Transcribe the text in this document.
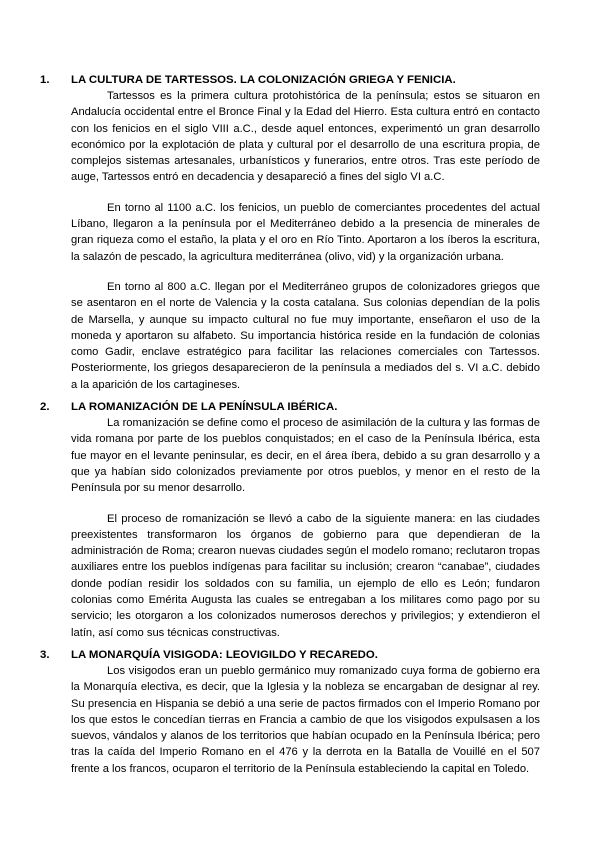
1.	LA CULTURA DE TARTESSOS. LA COLONIZACIÓN GRIEGA Y FENICIA.

Tartessos es la primera cultura protohistórica de la península; estos se situaron en Andalucía occidental entre el Bronce Final y la Edad del Hierro. Esta cultura entró en contacto con los fenicios en el siglo VIII a.C., desde aquel entonces, experimentó un gran desarrollo económico por la explotación de plata y cultural por el desarrollo de una escritura propia, de complejos sistemas artesanales, urbanísticos y funerarios, entre otros. Tras este período de auge, Tartessos entró en decadencia y desapareció a fines del siglo VI a.C.

En torno al 1100 a.C. los fenicios, un pueblo de comerciantes procedentes del actual Líbano, llegaron a la península por el Mediterráneo debido a la presencia de minerales de gran riqueza como el estaño, la plata y el oro en Río Tinto. Aportaron a los íberos la escritura, la salazón de pescado, la agricultura mediterránea (olivo, vid) y la organización urbana.

En torno al 800 a.C. llegan por el Mediterráneo grupos de colonizadores griegos que se asentaron en el norte de Valencia y la costa catalana. Sus colonias dependían de la polis de Marsella, y aunque su impacto cultural no fue muy importante, enseñaron el uso de la moneda y aportaron su alfabeto. Su importancia histórica reside en la fundación de colonias como Gadir, enclave estratégico para facilitar las relaciones comerciales con Tartessos. Posteriormente, los griegos desaparecieron de la península a mediados del s. VI a.C. debido a la aparición de los cartagineses.

2.	LA ROMANIZACIÓN DE LA PENÍNSULA IBÉRICA.

La romanización se define como el proceso de asimilación de la cultura y las formas de vida romana por parte de los pueblos conquistados; en el caso de la Península Ibérica, esta fue mayor en el levante peninsular, es decir, en el área íbera, debido a su gran desarrollo y a que ya habían sido colonizados previamente por otros pueblos, y menor en el resto de la Península por su menor desarrollo.

El proceso de romanización se llevó a cabo de la siguiente manera: en las ciudades preexistentes transformaron los órganos de gobierno para que dependieran de la administración de Roma; crearon nuevas ciudades según el modelo romano; reclutaron tropas auxiliares entre los pueblos indígenas para facilitar su inclusión; crearon “canabae”, ciudades donde podían residir los soldados con su familia, un ejemplo de ello es León; fundaron colonias como Emérita Augusta las cuales se entregaban a los militares como pago por su servicio; les otorgaron a los colonizados numerosos derechos y privilegios; y extendieron el latín, así como sus técnicas constructivas.

3.	LA MONARQUÍA VISIGODA: LEOVIGILDO Y RECAREDO.

Los visigodos eran un pueblo germánico muy romanizado cuya forma de gobierno era la Monarquía electiva, es decir, que la Iglesia y la nobleza se encargaban de designar al rey. Su presencia en Hispania se debió a una serie de pactos firmados con el Imperio Romano por los que estos le concedían tierras en Francia a cambio de que los visigodos expulsasen a los suevos, vándalos y alanos de los territorios que habían ocupado en la Península Ibérica; pero tras la caída del Imperio Romano en el 476 y la derrota en la Batalla de Vouillé en el 507 frente a los francos, ocuparon el territorio de la Península estableciendo la capital en Toledo.
